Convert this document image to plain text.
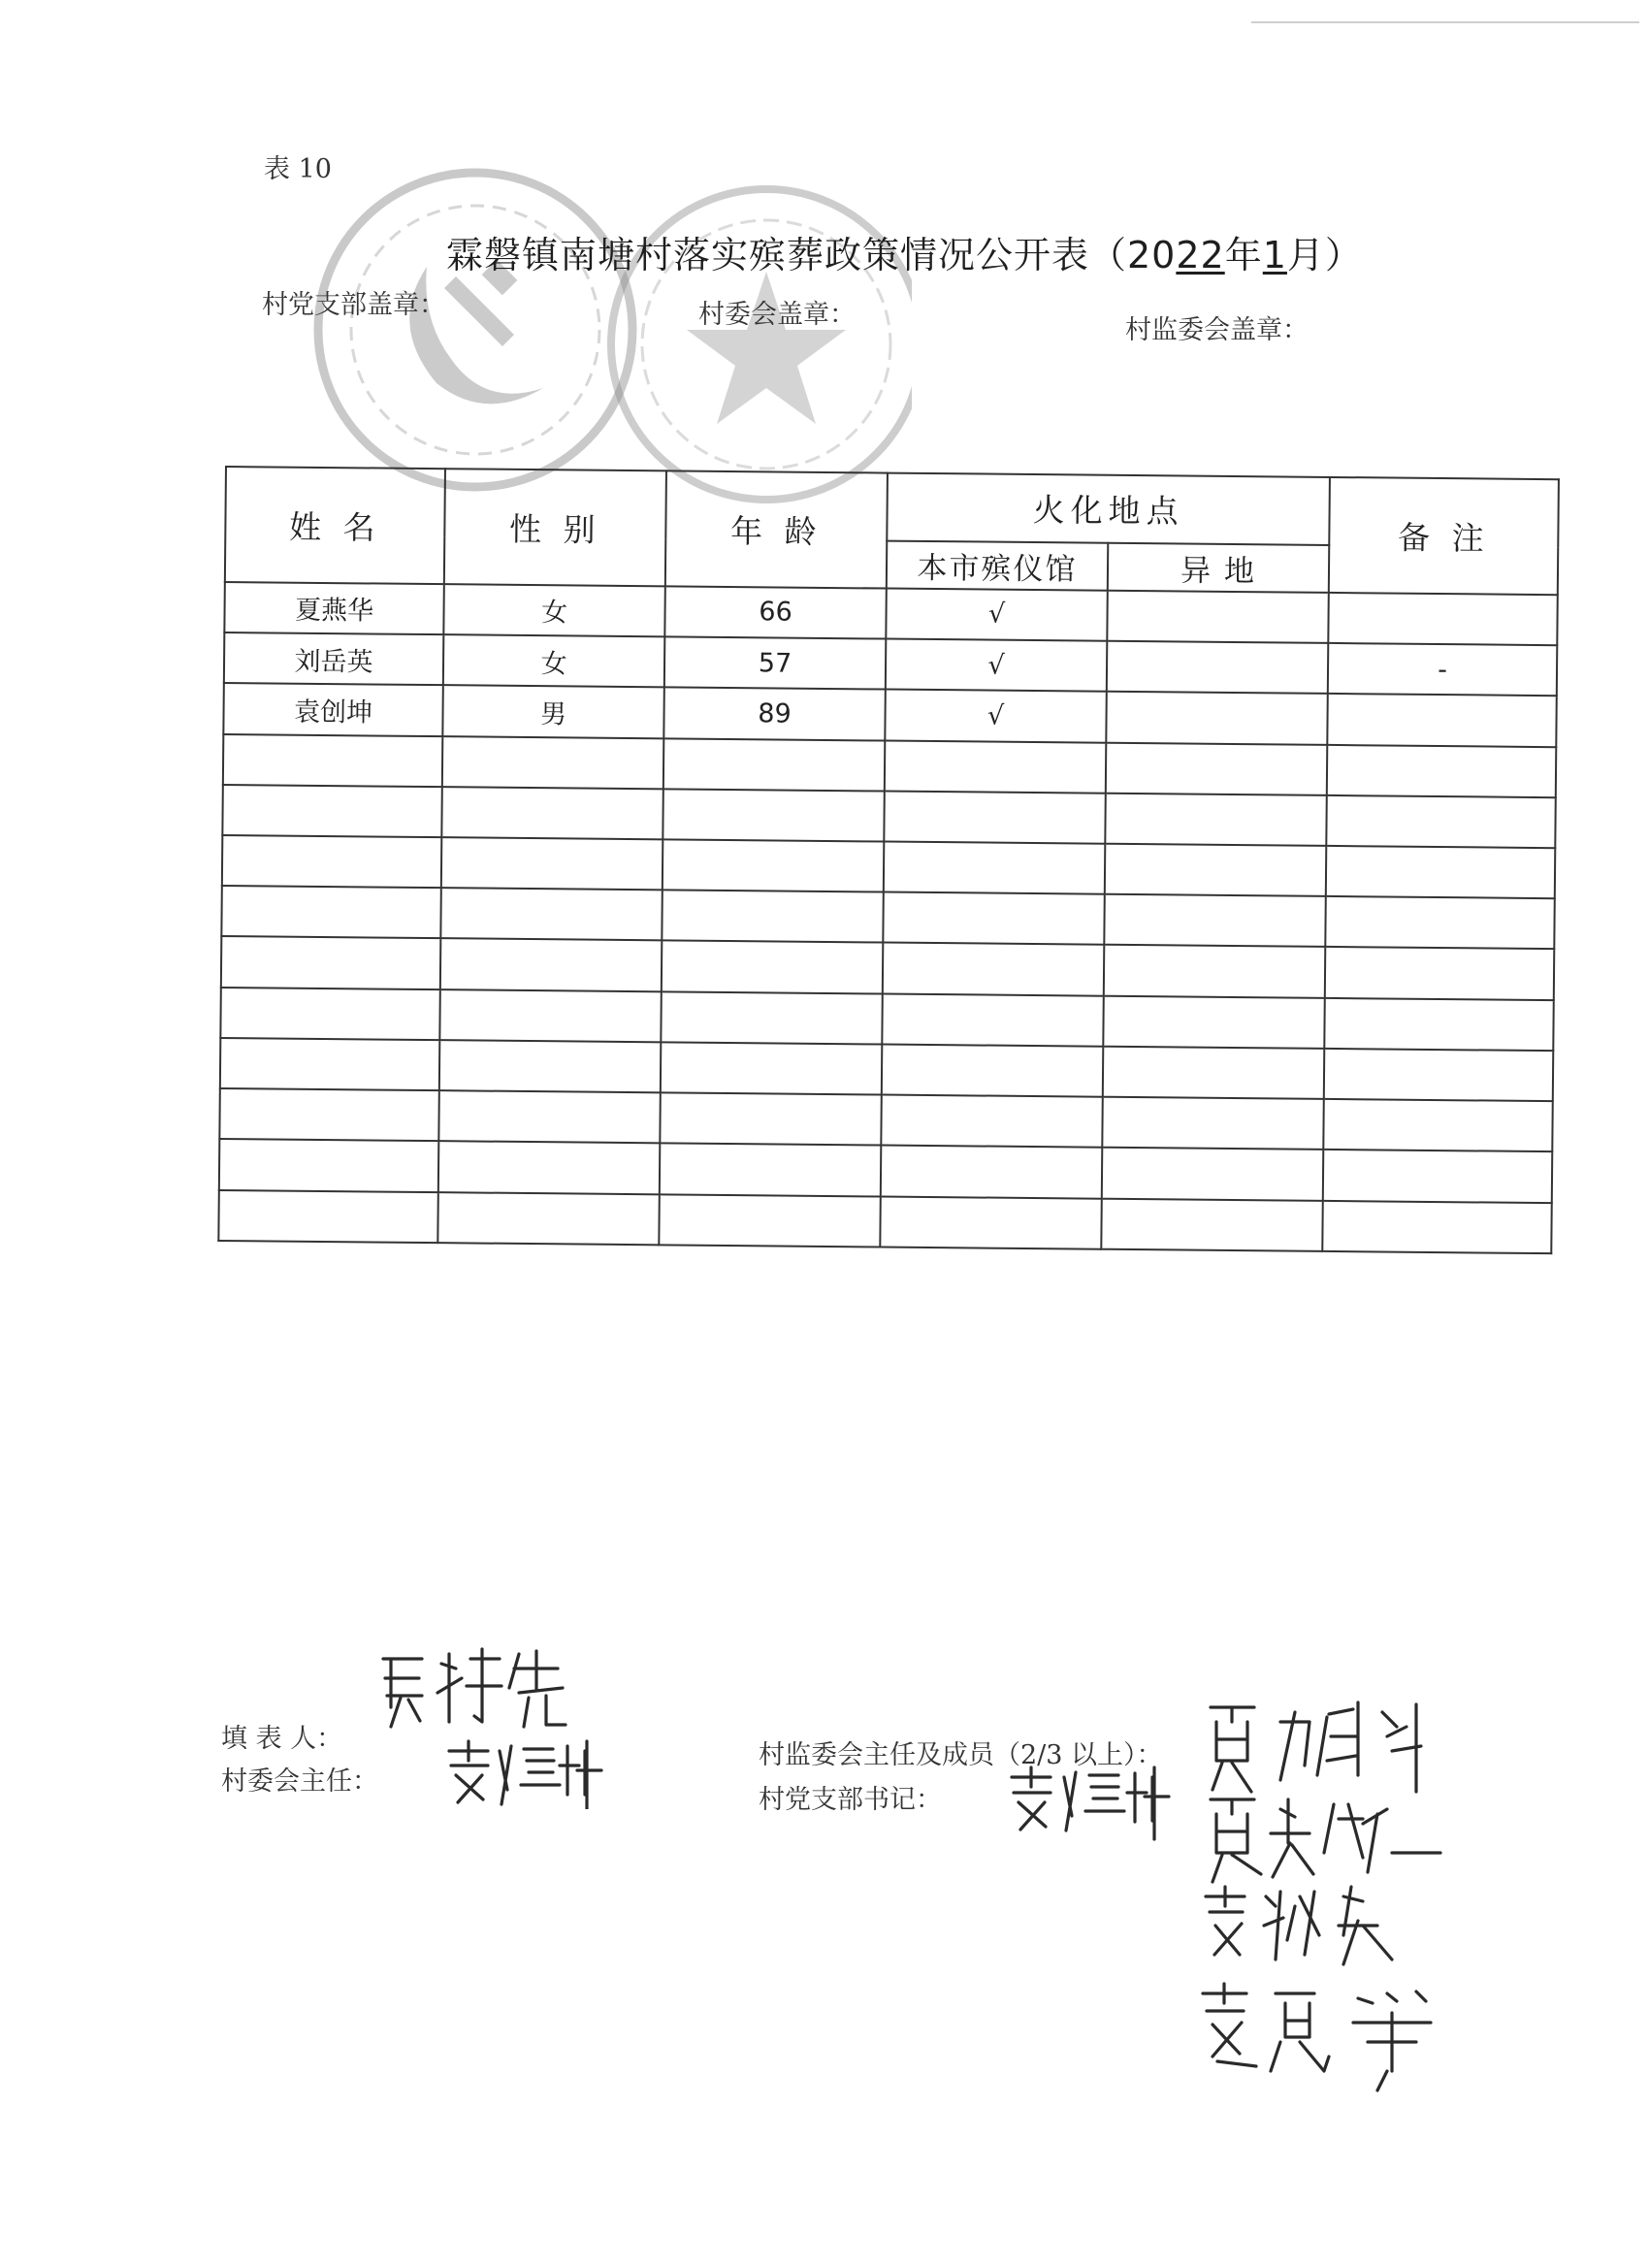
表 10
霖磐镇南塘村落实殡葬政策情况公开表（2022年1月）
村党支部盖章：	村委会盖章：
村监委会盖章：
姓 名	性 别	年 龄	火化地点		备 注
			本市殡仪馆	异 地	
夏燕华	女	66	√		
刘岳英	女	57	√		-
袁创坤	男	89	√		

填 表 人：
村委会主任：
村监委会主任及成员（2/3 以上）：
村党支部书记：
